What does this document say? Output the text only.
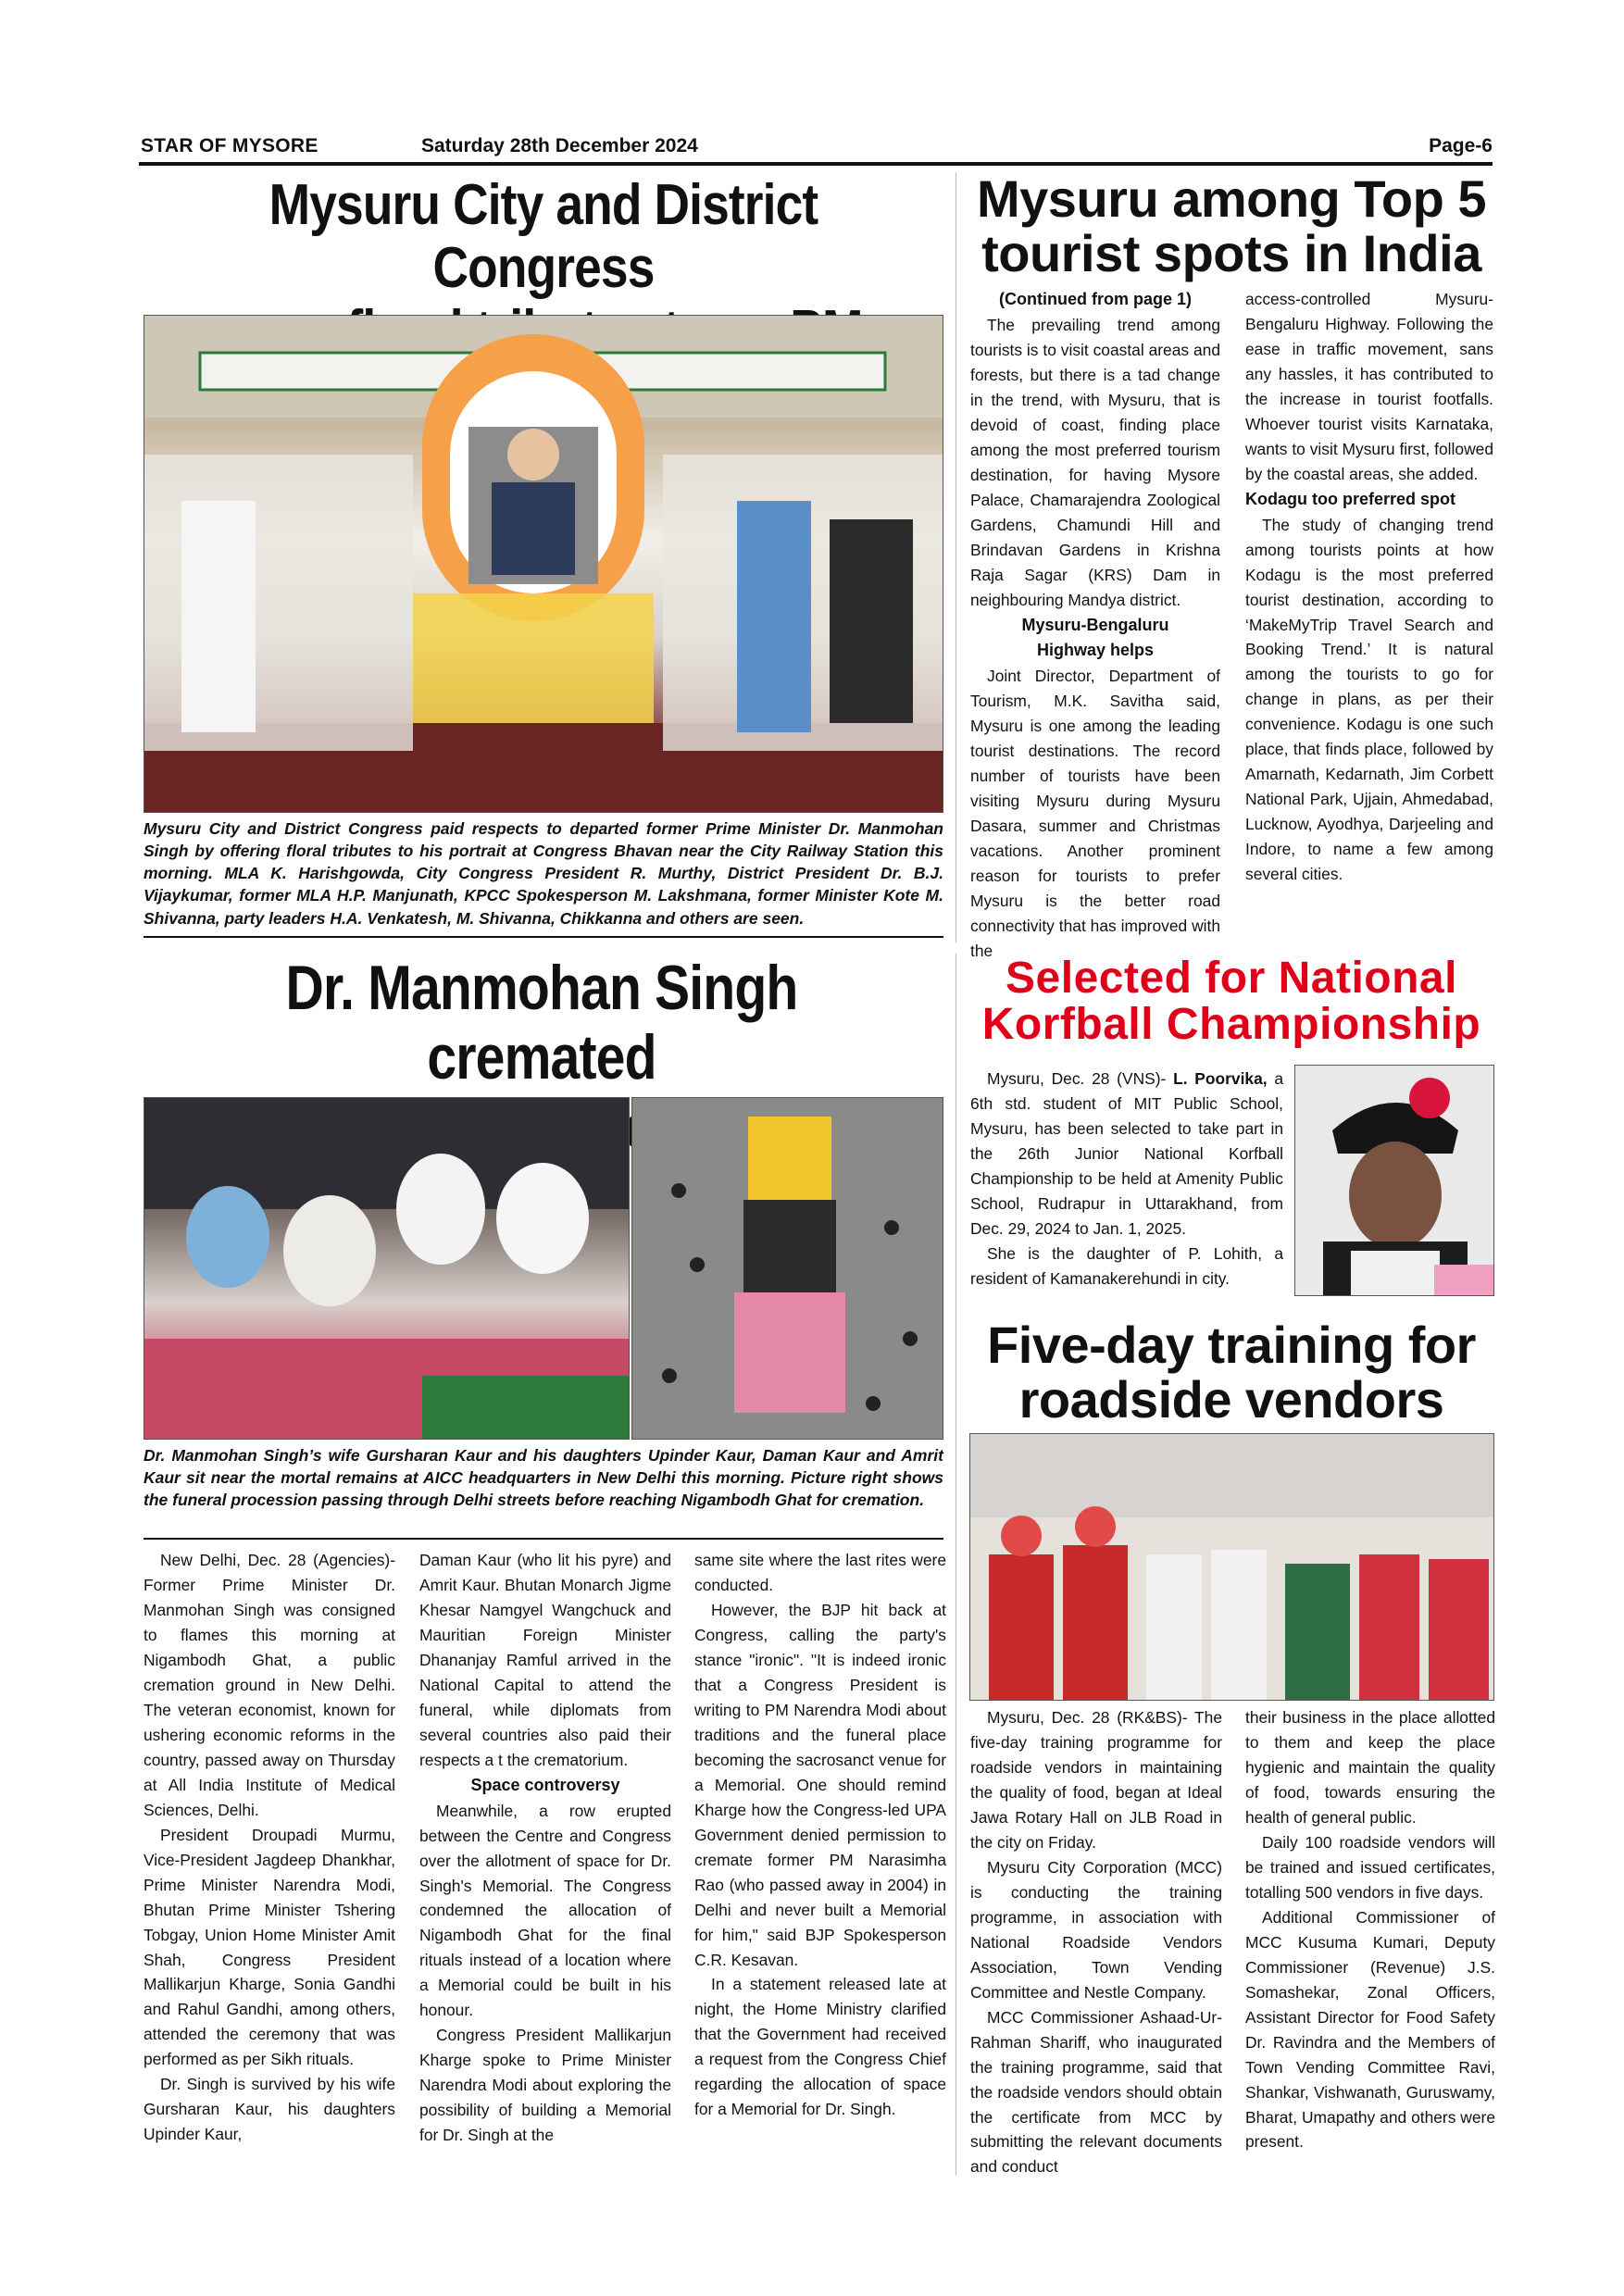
STAR OF MYSORE	Saturday 28th December 2024	Page-6
Mysuru City and District Congress
Mysuru City and District Congress paid respects to departed former Prime Minister Dr. Manmohan Singh by offering floral tributes to his portrait at Congress Bhavan near the City Railway Station this morning. MLA K. Harishgowda, City Congress President R. Murthy, District President Dr. B.J. Vijaykumar, former MLA H.P. Manjunath, KPCC Spokesperson M. Lakshmana, former Minister Kote M. Shivanna, party leaders H.A. Venkatesh, M. Shivanna, Chikkanna and others are seen.
Mysuru among Top 5
tourist spots in India

(Continued from page 1)

The prevailing trend among tourists is to visit coastal areas and forests, but there is a tad change in the trend, with Mysuru, that is devoid of coast, finding place among the most preferred tourism destination, for having Mysore Palace, Chamarajendra Zoological Gardens, Chamundi Hill and Brindavan Gardens in Krishna Raja Sagar (KRS) Dam in neighbouring Mandya district.

Mysuru-Bengaluru
Highway helps

Joint Director, Department of Tourism, M.K. Savitha said, Mysuru is one among the leading tourist destinations. The record number of tourists have been visiting Mysuru during Mysuru Dasara, summer and Christmas vacations. Another prominent reason for tourists to prefer Mysuru is the better road connectivity that has improved with the

access-controlled Mysuru-Bengaluru Highway. Following the ease in traffic movement, sans any hassles, it has contributed to the increase in tourist footfalls. Whoever tourist visits Karnataka, wants to visit Mysuru first, followed by the coastal areas, she added.

Kodagu too preferred spot

The study of changing trend among tourists points at how Kodagu is the most preferred tourist destination, according to ‘MakeMyTrip Travel Search and Booking Trend.’ It is natural among the tourists to go for change in plans, as per their convenience. Kodagu is one such place, that finds place, followed by Amarnath, Kedarnath, Jim Corbett National Park, Ujjain, Ahmedabad, Lucknow, Ayodhya, Darjeeling and Indore, to name a few among several cities.

Dr. Manmohan Singh cremated
Dr. Manmohan Singh’s wife Gursharan Kaur and his daughters Upinder Kaur, Daman Kaur and Amrit Kaur sit near the mortal remains at AICC headquarters in New Delhi this morning. Picture right shows the funeral procession passing through Delhi streets before reaching Nigambodh Ghat for cremation.

New Delhi, Dec. 28 (Agencies)- Former Prime Minister Dr. Manmohan Singh was consigned to flames this morning at Nigambodh Ghat, a public cremation ground in New Delhi. The veteran economist, known for ushering economic reforms in the country, passed away on Thursday at All India Institute of Medical Sciences, Delhi.

President Droupadi Murmu, Vice-President Jagdeep Dhankhar, Prime Minister Narendra Modi, Bhutan Prime Minister Tshering Tobgay, Union Home Minister Amit Shah, Congress President Mallikarjun Kharge, Sonia Gandhi and Rahul Gandhi, among others, attended the ceremony that was performed as per Sikh rituals.

Dr. Singh is survived by his wife Gursharan Kaur, his daughters Upinder Kaur,

Daman Kaur (who lit his pyre) and Amrit Kaur. Bhutan Monarch Jigme Khesar Namgyel Wangchuck and Mauritian Foreign Minister Dhananjay Ramful arrived in the National Capital to attend the funeral, while diplomats from several countries also paid their respects a t the crematorium.

Space controversy

Meanwhile, a row erupted between the Centre and Congress over the allotment of space for Dr. Singh's Memorial. The Congress condemned the allocation of Nigambodh Ghat for the final rituals instead of a location where a Memorial could be built in his honour.

Congress President Mallikarjun Kharge spoke to Prime Minister Narendra Modi about exploring the possibility of building a Memorial for Dr. Singh at the

same site where the last rites were conducted.

However, the BJP hit back at Congress, calling the party's stance "ironic". "It is indeed ironic that a Congress President is writing to PM Narendra Modi about traditions and the funeral place becoming the sacrosanct venue for a Memorial. One should remind Kharge how the Congress-led UPA Government denied permission to cremate former PM Narasimha Rao (who passed away in 2004) in Delhi and never built a Memorial for him," said BJP Spokesperson C.R. Kesavan.

In a statement released late at night, the Home Ministry clarified that the Government had received a request from the Congress Chief regarding the allocation of space for a Memorial for Dr. Singh.

Selected for National
Korfball Championship

Mysuru, Dec. 28 (VNS)- L. Poorvika, a 6th std. student of MIT Public School, Mysuru, has been selected to take part in the 26th Junior National Korfball Championship to be held at Amenity Public School, Rudrapur in Uttarakhand, from Dec. 29, 2024 to Jan. 1, 2025.

She is the daughter of P. Lohith, a resident of Kamanakerehundi in city.

Five-day training for
roadside vendors

Mysuru, Dec. 28 (RK&BS)- The five-day training programme for roadside vendors in maintaining the quality of food, began at Ideal Jawa Rotary Hall on JLB Road in the city on Friday.

Mysuru City Corporation (MCC) is conducting the training programme, in association with National Roadside Vendors Association, Town Vending Committee and Nestle Company.

MCC Commissioner Ashaad-Ur-Rahman Shariff, who inaugurated the training programme, said that the roadside vendors should obtain the certificate from MCC by submitting the relevant documents and conduct

their business in the place allotted to them and keep the place hygienic and maintain the quality of food, towards ensuring the health of general public.

Daily 100 roadside vendors will be trained and issued certificates, totalling 500 vendors in five days.

Additional Commissioner of MCC Kusuma Kumari, Deputy Commissioner (Revenue) J.S. Somashekar, Zonal Officers, Assistant Director for Food Safety Dr. Ravindra and the Members of Town Vending Committee Ravi, Shankar, Vishwanath, Guruswamy, Bharat, Umapathy and others were present.
